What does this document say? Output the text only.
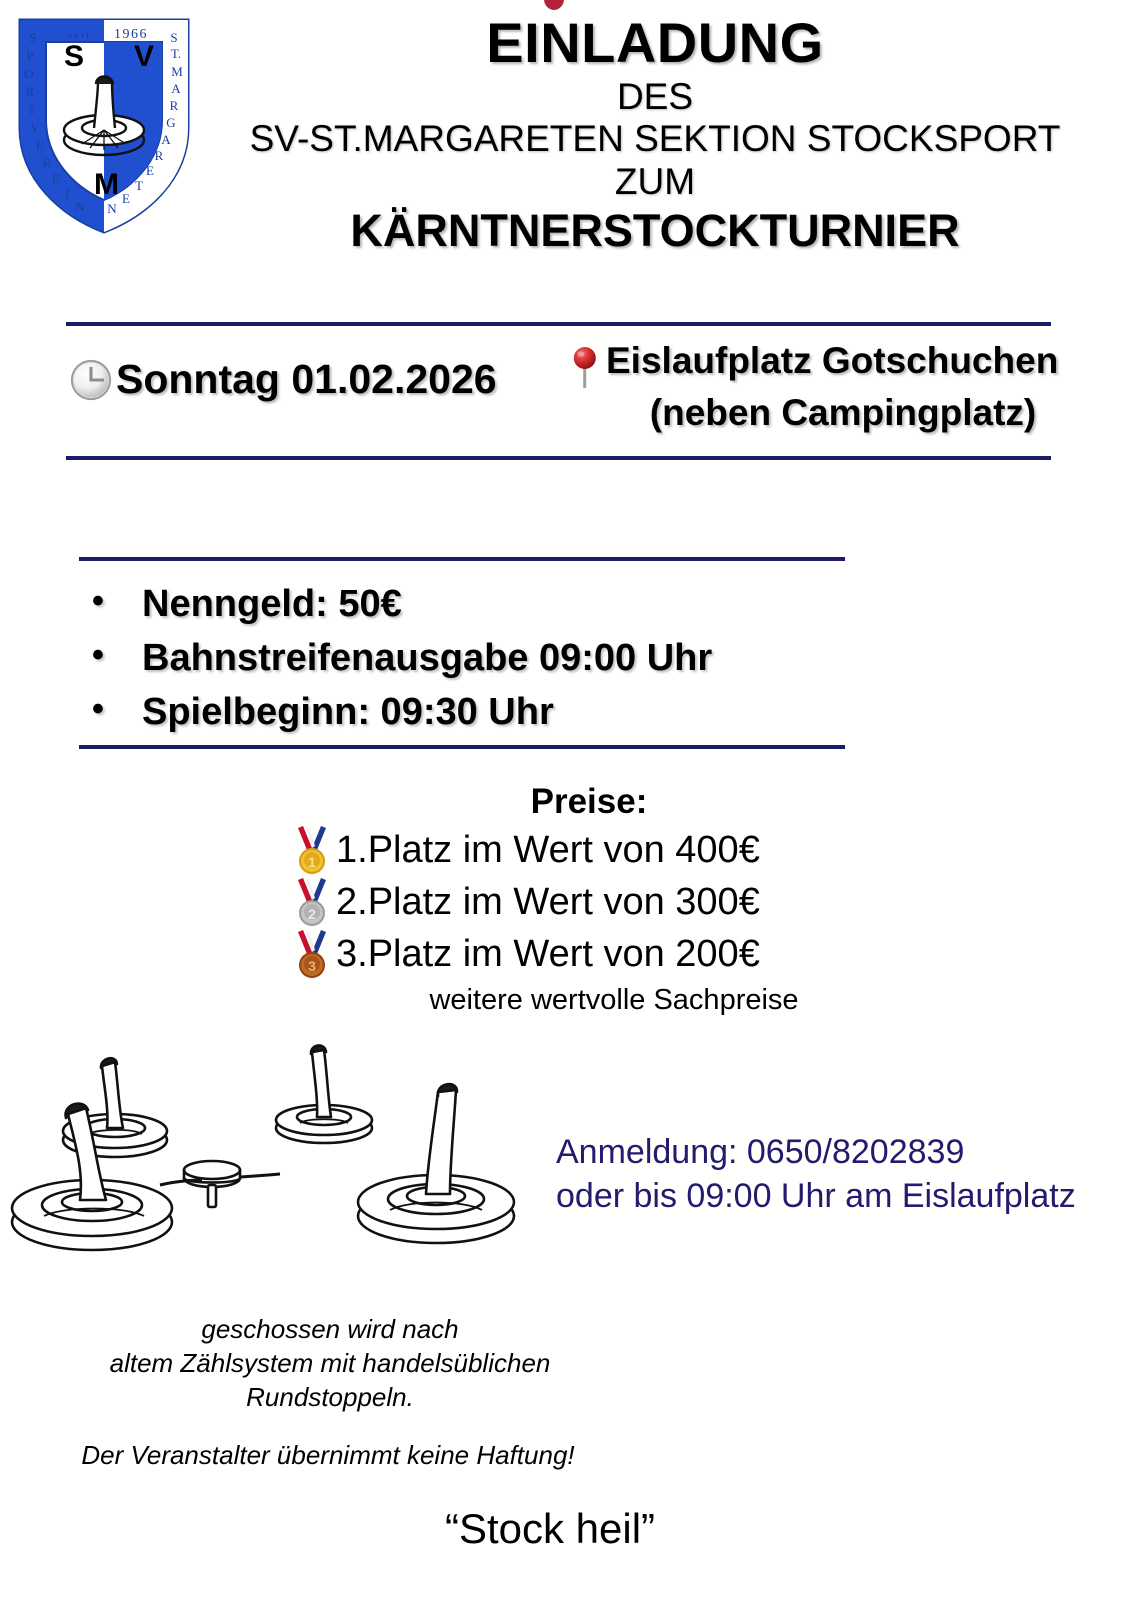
S
P
O
R
T
V
E
R
E
I
N
S
T.
M
A
R
G
A
R
E
T
E
N
seit 1966
S V
M
EINLADUNG
DES
SV-ST.MARGARETEN SEKTION STOCKSPORT
ZUM
KÄRNTNERSTOCKTURNIER
Sonntag 01.02.2026	Eislaufplatz Gotschuchen
(neben Campingplatz)
• Nenngeld: 50€
• Bahnstreifenausgabe 09:00 Uhr
• Spielbeginn: 09:30 Uhr
Preise:
1 1.Platz im Wert von 400€
2 2.Platz im Wert von 300€
3 3.Platz im Wert von 200€
weitere wertvolle Sachpreise
Anmeldung: 0650/8202839
oder bis 09:00 Uhr am Eislaufplatz
geschossen wird nach
altem Zählsystem mit handelsüblichen
Rundstoppeln.
Der Veranstalter übernimmt keine Haftung!
“Stock heil”
